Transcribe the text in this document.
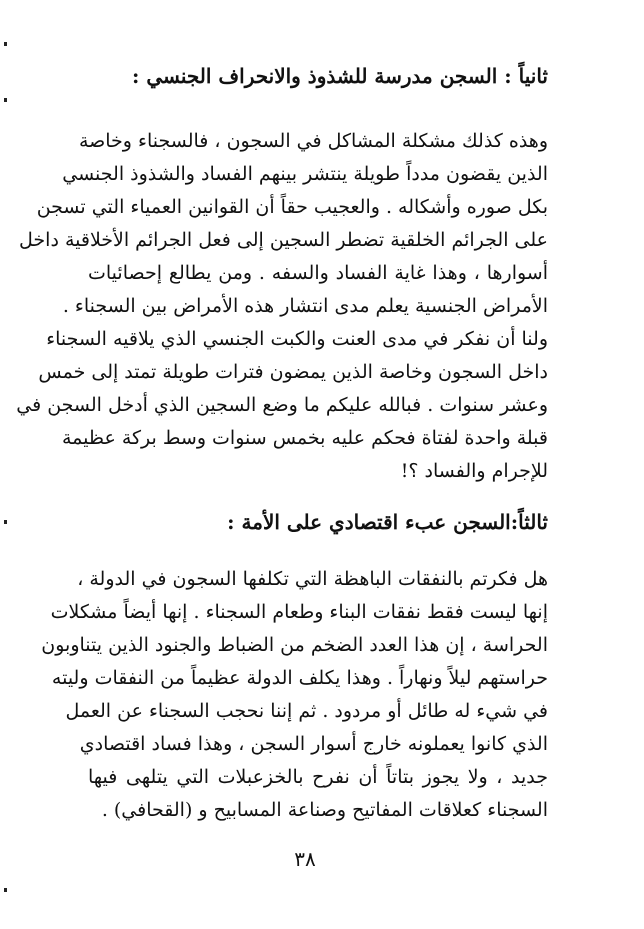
ثانياً : السجن مدرسة للشذوذ والانحراف الجنسي :
وهذه كذلك مشكلة المشاكل في السجون ، فالسجناء وخاصة
الذين يقضون مدداً طويلة ينتشر بينهم الفساد والشذوذ الجنسي
بكل صوره وأشكاله . والعجيب حقاً أن القوانين العمياء التي تسجن
على الجرائم الخلقية تضطر السجين إلى فعل الجرائم الأخلاقية داخل
أسوارها ، وهذا غاية الفساد والسفه . ومن يطالع إحصائيات
الأمراض الجنسية يعلم مدى انتشار هذه الأمراض بين السجناء .
ولنا أن نفكر في مدى العنت والكبت الجنسي الذي يلاقيه السجناء
داخل السجون وخاصة الذين يمضون فترات طويلة تمتد إلى خمس
وعشر سنوات . فبالله عليكم ما وضع السجين الذي أدخل السجن في
قبلة واحدة لفتاة فحكم عليه بخمس سنوات وسط بركة عظيمة
للإجرام والفساد ؟!
ثالثاً:السجن عبء اقتصادي على الأمة :
هل فكرتم بالنفقات الباهظة التي تكلفها السجون في الدولة ،
إنها ليست فقط نفقات البناء وطعام السجناء . إنها أيضاً مشكلات
الحراسة ، إن هذا العدد الضخم من الضباط والجنود الذين يتناوبون
حراستهم ليلاً ونهاراً . وهذا يكلف الدولة عظيماً من النفقات وليته
في شيء له طائل أو مردود . ثم إننا نحجب السجناء عن العمل
الذي كانوا يعملونه خارج أسوار السجن ، وهذا فساد اقتصادي
جديد ، ولا يجوز بتاتاً أن نفرح بالخزعبلات التي يتلهى فيها
السجناء كعلاقات المفاتيح وصناعة المسابيح و (القحافي) .
٣٨
